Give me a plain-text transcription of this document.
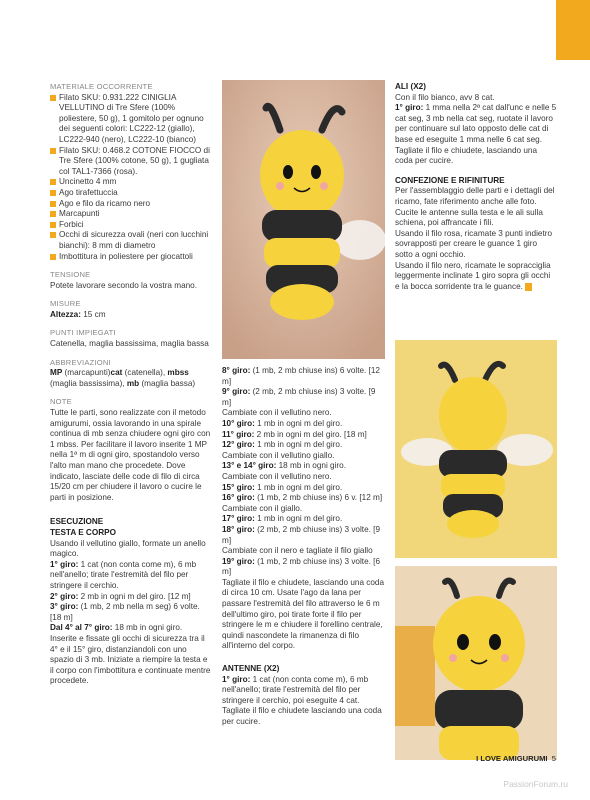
MATERIALE OCCORRENTE

Filato SKU: 0.931.222 CINIGLIA VELLUTINO di Tre Sfere (100% poliestere, 50 g), 1 gomitolo per ognuno dei seguenti colori: LC222-12 (giallo), LC222-940 (nero), LC222-10 (bianco)

Filato SKU: 0.468.2 COTONE FIOCCO di Tre Sfere (100% cotone, 50 g), 1 gugliata col TAL1-7366 (rosa).

Uncinetto 4 mm

Ago tirafettuccia

Ago e filo da ricamo nero

Marcapunti

Forbici

Occhi di sicurezza ovali (neri con lucchini bianchi): 8 mm di diametro

Imbottitura in poliestere per giocattoli

TENSIONE

Potete lavorare secondo la vostra mano.

MISURE

Altezza: 15 cm

PUNTI IMPIEGATI

Catenella, maglia bassissima, maglia bassa

ABBREVIAZIONI

MP (marcapunti)cat (catenella), mbss (maglia bassissima), mb (maglia bassa)

NOTE

Tutte le parti, sono realizzate con il metodo amigurumi, ossia lavorando in una spirale continua di mb senza chiudere ogni giro con 1 mbss. Per facilitare il lavoro inserite 1 MP nella 1ª m di ogni giro, spostandolo verso l'alto man mano che procedete. Dove indicato, lasciate delle code di filo di circa 15/20 cm per chiudere il lavoro o cucire le parti in posizione.

ESECUZIONE
TESTA E CORPO

Usando il vellutino giallo, formate un anello magico.

1° giro: 1 cat (non conta come m), 6 mb nell'anello; tirate l'estremità del filo per stringere il cerchio.

2° giro: 2 mb in ogni m del giro. [12 m]

3° giro: (1 mb, 2 mb nella m seg) 6 volte. [18 m]

Dal 4° al 7° giro: 18 mb in ogni giro.

Inserite e fissate gli occhi di sicurezza tra il 4° e il 15° giro, distanziandoli con uno spazio di 3 mb. Iniziate a riempire la testa e il corpo con l'imbottitura e continuate mentre procedete.

8° giro: (1 mb, 2 mb chiuse ins) 6 volte. [12 m]

9° giro: (2 mb, 2 mb chiuse ins) 3 volte. [9 m]

Cambiate con il vellutino nero.

10° giro: 1 mb in ogni m del giro.

11° giro: 2 mb in ogni m del giro. [18 m]

12° giro: 1 mb in ogni m del giro.

Cambiate con il vellutino giallo.

13° e 14° giro: 18 mb in ogni giro.

Cambiate con il vellutino nero.

15° giro: 1 mb in ogni m del giro.

16° giro: (1 mb, 2 mb chiuse ins) 6 v. [12 m]

Cambiate con il giallo.

17° giro: 1 mb in ogni m del giro.

18° giro: (2 mb, 2 mb chiuse ins) 3 volte. [9 m]

Cambiate con il nero e tagliate il filo giallo

19° giro: (1 mb, 2 mb chiuse ins) 3 volte. [6 m]

Tagliate il filo e chiudete, lasciando una coda di circa 10 cm. Usate l'ago da lana per passare l'estremità del filo attraverso le 6 m dell'ultimo giro, poi tirate forte il filo per stringere le m e chiudere il forellino centrale, quindi nascondete la rimanenza di filo all'interno del corpo.

ANTENNE (X2)

1° giro: 1 cat (non conta come m), 6 mb nell'anello; tirate l'estremità del filo per stringere il cerchio, poi eseguite 4 cat.

Tagliate il filo e chiudete lasciando una coda per cucire.

ALI (X2)

Con il filo bianco, avv 8 cat.

1° giro: 1 mma nella 2ª cat dall'unc e nelle 5 cat seg, 3 mb nella cat seg, ruotate il lavoro per continuare sul lato opposto delle cat di base ed eseguite 1 mma nelle 6 cat seg. Tagliate il filo e chiudete, lasciando una coda per cucire.

CONFEZIONE E RIFINITURE

Per l'assemblaggio delle parti e i dettagli del ricamo, fate riferimento anche alle foto.

Cucite le antenne sulla testa e le ali sulla schiena, poi affrancate i fili.

Usando il filo rosa, ricamate 3 punti indietro sovrapposti per creare le guance 1 giro sotto a ogni occhio.

Usando il filo nero, ricamate le sopracciglia leggermente inclinate 1 giro sopra gli occhi e la bocca sorridente tra le guance.

I LOVE AMIGURUMI 5
PassionForum.ru
